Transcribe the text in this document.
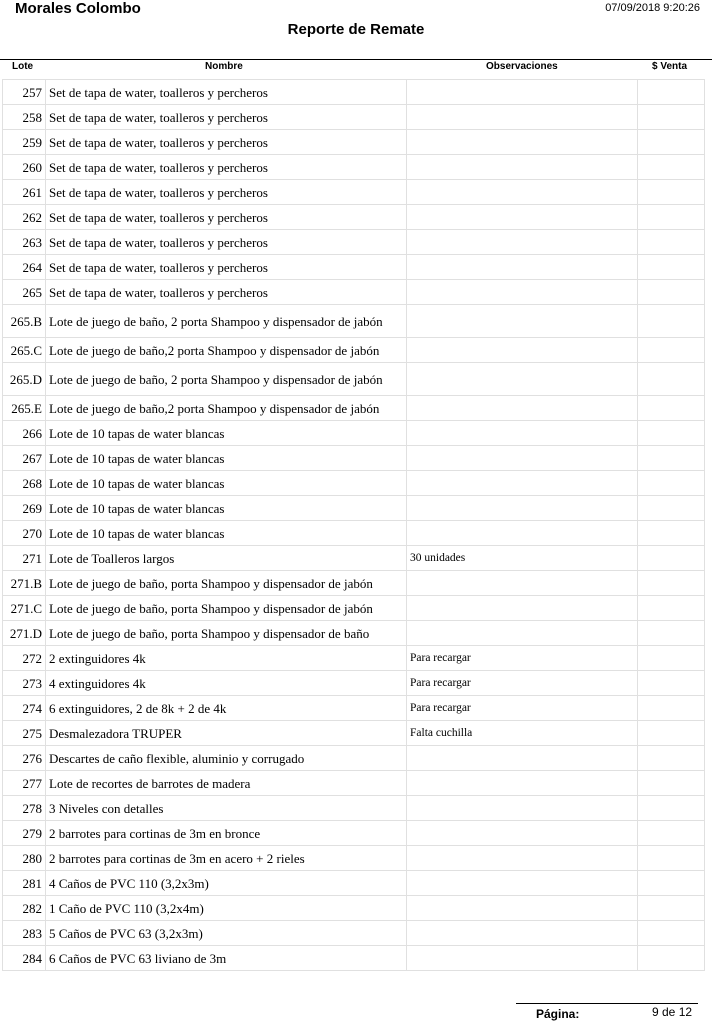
Morales Colombo	07/09/2018 9:20:26
Reporte de Remate
Lote	Nombre	Observaciones	$ Venta
257	Set de tapa de water, toalleros y percheros		
258	Set de tapa de water, toalleros y percheros		
259	Set de tapa de water, toalleros y percheros		
260	Set de tapa de water, toalleros y percheros		
261	Set de tapa de water, toalleros y percheros		
262	Set de tapa de water, toalleros y percheros		
263	Set de tapa de water, toalleros y percheros		
264	Set de tapa de water, toalleros y percheros		
265	Set de tapa de water, toalleros y percheros		
265.B	Lote de juego de baño, 2 porta Shampoo y dispensador de jabón		
265.C	Lote de juego de baño,2 porta Shampoo y dispensador de jabón		
265.D	Lote de juego de baño, 2 porta Shampoo y dispensador de jabón		
265.E	Lote de juego de baño,2 porta Shampoo y dispensador de jabón		
266	Lote de 10 tapas de water blancas		
267	Lote de 10 tapas de water blancas		
268	Lote de 10 tapas de water blancas		
269	Lote de 10 tapas de water blancas		
270	Lote de 10 tapas de water blancas		
271	Lote de Toalleros largos	30 unidades	
271.B	Lote de juego de baño, porta Shampoo y dispensador de jabón		
271.C	Lote de juego de baño, porta Shampoo y dispensador de jabón		
271.D	Lote de juego de baño, porta Shampoo y dispensador de baño		
272	2 extinguidores 4k	Para recargar	
273	4 extinguidores 4k	Para recargar	
274	6 extinguidores, 2 de 8k + 2 de 4k	Para recargar	
275	Desmalezadora TRUPER	Falta cuchilla	
276	Descartes de caño flexible, aluminio y corrugado		
277	Lote de recortes de barrotes de madera		
278	3 Niveles con detalles		
279	2 barrotes para cortinas de 3m en bronce		
280	2 barrotes para cortinas de 3m en acero + 2 rieles		
281	4 Caños de PVC 110 (3,2x3m)		
282	1 Caño de PVC 110 (3,2x4m)		
283	5 Caños de PVC 63 (3,2x3m)		
284	6 Caños de PVC 63 liviano de 3m		
Página:	9 de 12
